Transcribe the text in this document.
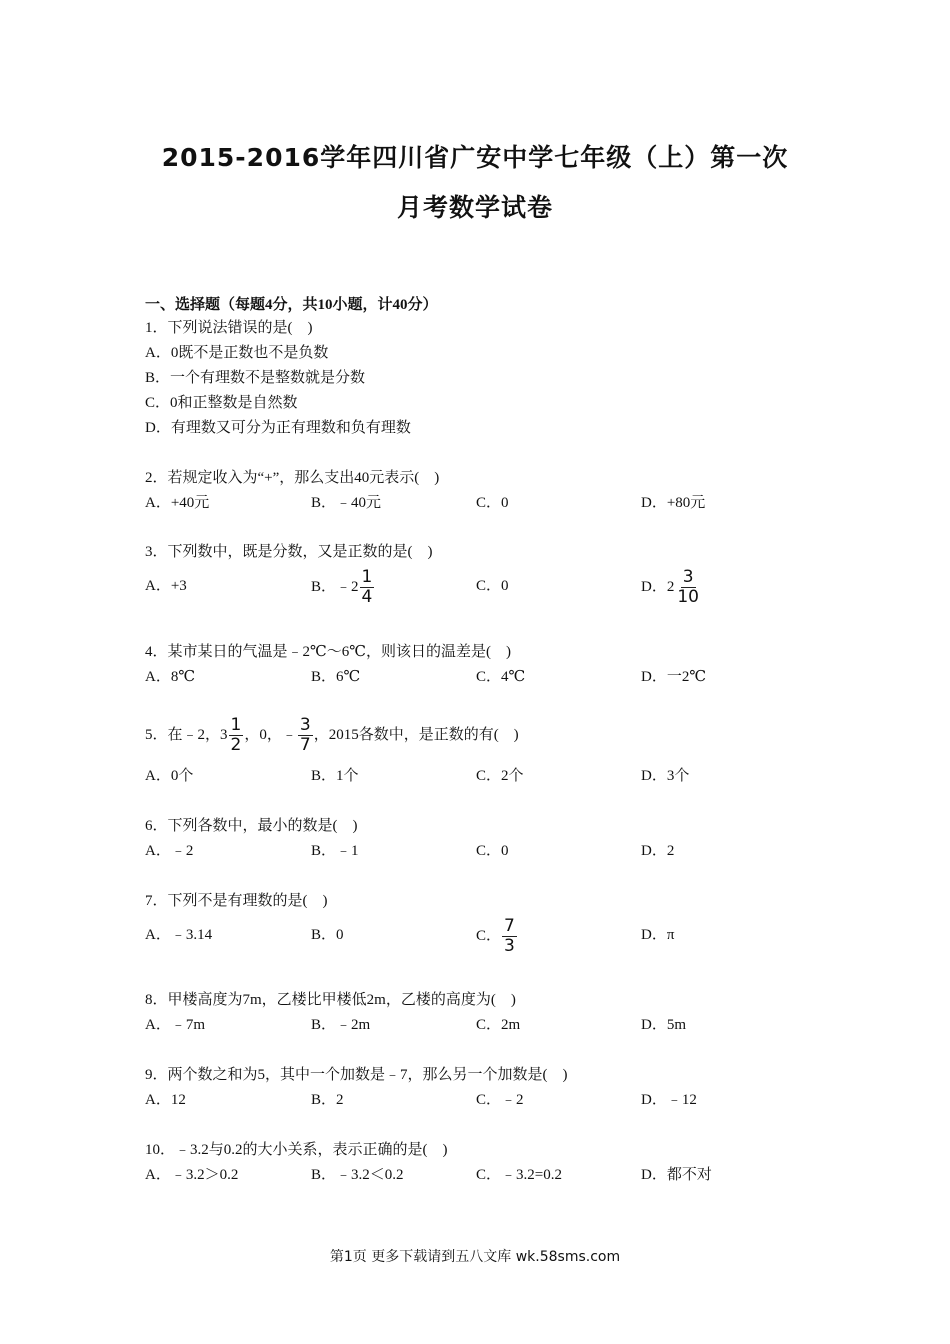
2015-2016学年四川省广安中学七年级（上）第一次
月考数学试卷
一、选择题（每题4分，共10小题，计40分）
1．下列说法错误的是(　)
A．0既不是正数也不是负数
B．一个有理数不是整数就是分数
C．0和正整数是自然数
D．有理数又可分为正有理数和负有理数
2．若规定收入为“+”，那么支出40元表示(　)
A．+40元	B．﹣40元	C．0	D．+80元
3．下列数中，既是分数，又是正数的是(　)
A．+3	B．﹣2 $\frac{1}{4}$	C．0	D．$2 \frac{3}{10}$
4．某市某日的气温是﹣2℃～6℃，则该日的温差是(　)
A．8℃	B．6℃	C．4℃	D．一2℃
5．在﹣2，$3 \frac{1}{2}$ ，0，﹣ $\frac{3}{7}$ ，2015各数中，是正数的有(　)
A．0个	B．1个	C．2个	D．3个
6．下列各数中，最小的数是(　)
A．﹣2	B．﹣1	C．0	D．2
7．下列不是有理数的是(　)
A．﹣3.14	B．0	C． $\frac{7}{3}$	D．π
8．甲楼高度为7m，乙楼比甲楼低2m，乙楼的高度为(　)
A．﹣7m	B．﹣2m	C．2m	D．5m
9．两个数之和为5，其中一个加数是﹣7，那么另一个加数是(　)
A．12	B．2	C．﹣2	D．﹣12
10．﹣3.2与0.2的大小关系，表示正确的是(　)
A．﹣3.2＞0.2	B．﹣3.2＜0.2	C．﹣3.2=0.2	D．都不对
第1页 更多下载请到五八文库 wk.58sms.com
